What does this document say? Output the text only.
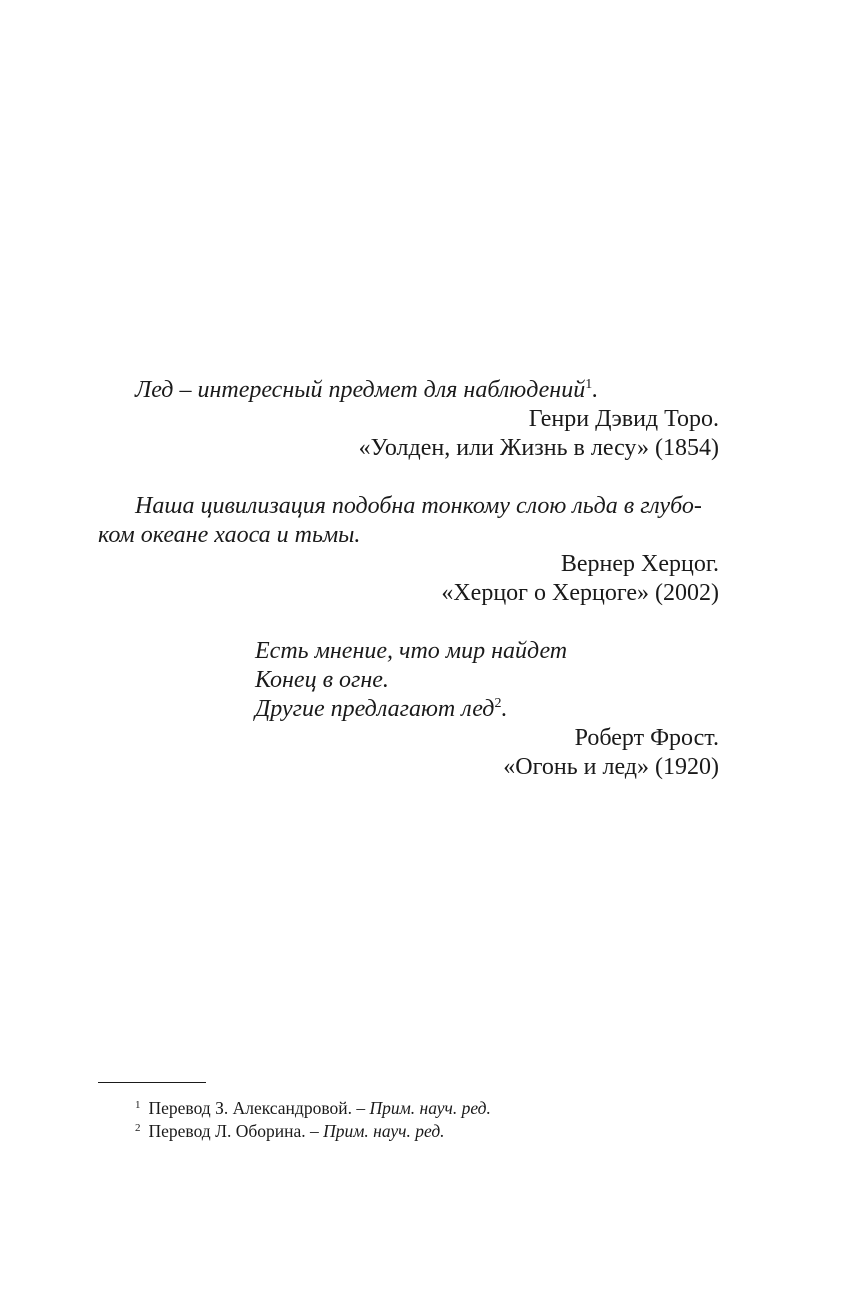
Лед – интересный предмет для наблюдений$^1$.
Генри Дэвид Торо.
«Уолден, или Жизнь в лесу» (1854)
Наша цивилизация подобна тонкому слою льда в глубо-
ком океане хаоса и тьмы.
Вернер Херцог.
«Херцог о Херцоге» (2002)
Есть мнение, что мир найдет
Конец в огне.
Другие предлагают лед$^2$.
Роберт Фрост.
«Огонь и лед» (1920)
$^1$ Перевод З. Александровой. – Прим. науч. ред.
$^2$ Перевод Л. Оборина. – Прим. науч. ред.
